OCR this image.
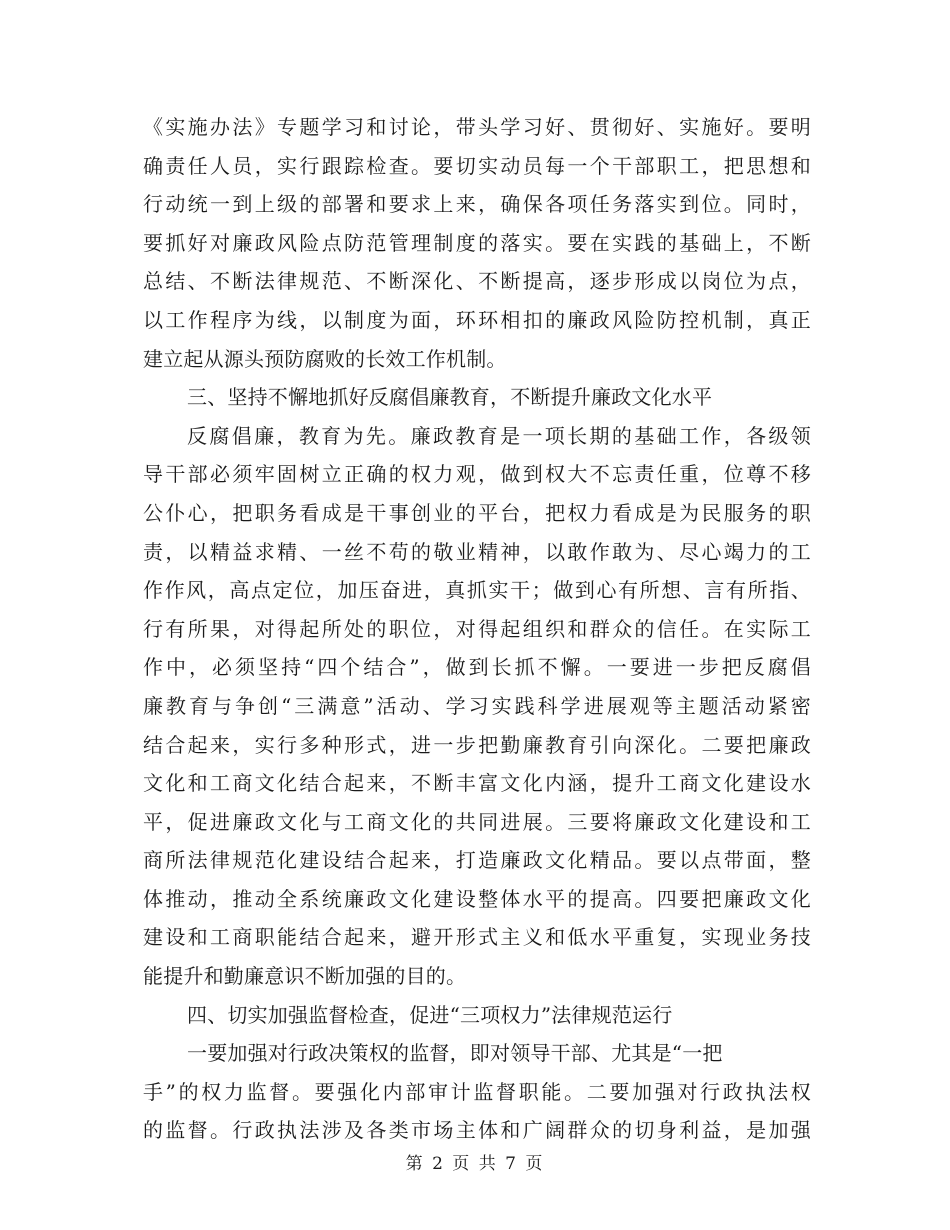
《实施办法》专题学习和讨论，带头学习好、贯彻好、实施好。要明
确责任人员，实行跟踪检查。要切实动员每一个干部职工，把思想和
行动统一到上级的部署和要求上来，确保各项任务落实到位。同时，
要抓好对廉政风险点防范管理制度的落实。要在实践的基础上，不断
总结、不断法律规范、不断深化、不断提高，逐步形成以岗位为点，
以工作程序为线，以制度为面，环环相扣的廉政风险防控机制，真正
建立起从源头预防腐败的长效工作机制。
三、坚持不懈地抓好反腐倡廉教育，不断提升廉政文化水平
反腐倡廉，教育为先。廉政教育是一项长期的基础工作，各级领
导干部必须牢固树立正确的权力观，做到权大不忘责任重，位尊不移
公仆心，把职务看成是干事创业的平台，把权力看成是为民服务的职
责，以精益求精、一丝不苟的敬业精神，以敢作敢为、尽心竭力的工
作作风，高点定位，加压奋进，真抓实干；做到心有所想、言有所指、
行有所果，对得起所处的职位，对得起组织和群众的信任。在实际工
作中，必须坚持“四个结合”，做到长抓不懈。一要进一步把反腐倡
廉教育与争创“三满意”活动、学习实践科学进展观等主题活动紧密
结合起来，实行多种形式，进一步把勤廉教育引向深化。二要把廉政
文化和工商文化结合起来，不断丰富文化内涵，提升工商文化建设水
平，促进廉政文化与工商文化的共同进展。三要将廉政文化建设和工
商所法律规范化建设结合起来，打造廉政文化精品。要以点带面，整
体推动，推动全系统廉政文化建设整体水平的提高。四要把廉政文化
建设和工商职能结合起来，避开形式主义和低水平重复，实现业务技
能提升和勤廉意识不断加强的目的。
四、切实加强监督检查，促进“三项权力”法律规范运行
一要加强对行政决策权的监督，即对领导干部、尤其是“一把
手”的权力监督。要强化内部审计监督职能。二要加强对行政执法权
的监督。行政执法涉及各类市场主体和广阔群众的切身利益，是加强
第 2 页 共 7 页
